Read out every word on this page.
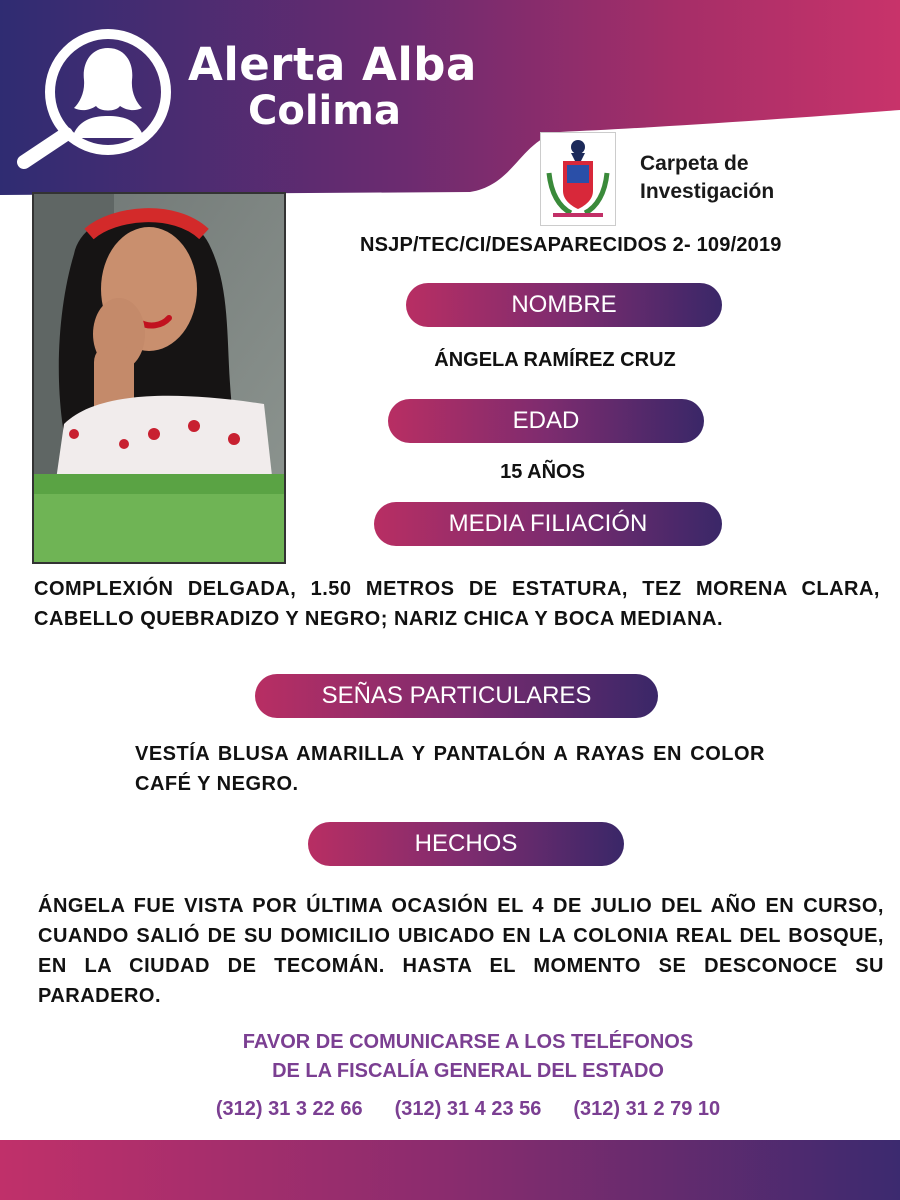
Alerta Alba
Colima
Carpeta de
Investigación
NSJP/TEC/CI/DESAPARECIDOS 2- 109/2019
NOMBRE
ÁNGELA RAMÍREZ CRUZ
EDAD
15 AÑOS
MEDIA FILIACIÓN
COMPLEXIÓN DELGADA, 1.50 METROS DE ESTATURA, TEZ MORENA CLARA, CABELLO QUEBRADIZO Y NEGRO; NARIZ CHICA Y BOCA MEDIANA.
SEÑAS PARTICULARES
VESTÍA BLUSA AMARILLA Y PANTALÓN A RAYAS EN COLOR CAFÉ Y NEGRO.
HECHOS
ÁNGELA FUE VISTA POR ÚLTIMA OCASIÓN EL 4 DE JULIO DEL AÑO EN CURSO, CUANDO SALIÓ DE SU DOMICILIO UBICADO EN LA COLONIA REAL DEL BOSQUE, EN LA CIUDAD DE TECOMÁN. HASTA EL MOMENTO SE DESCONOCE SU PARADERO.
FAVOR DE COMUNICARSE A LOS TELÉFONOS
DE LA FISCALÍA GENERAL DEL ESTADO
(312) 31 3 22 66 (312) 31 4 23 56 (312) 31 2 79 10
